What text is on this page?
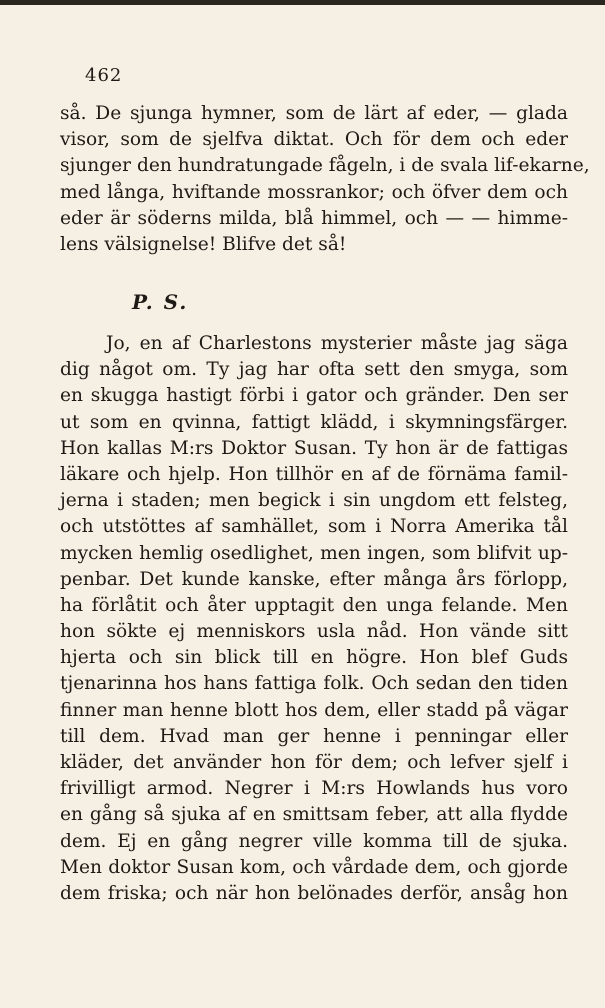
462
så. De sjunga hymner, som de lärt af eder, — glada
visor, som de sjelfva diktat. Och för dem och eder
sjunger den hundratungade fågeln, i de svala lif-ekarne,
med långa, hviftande mossrankor; och öfver dem och
eder är söderns milda, blå himmel, och — — himme-
lens välsignelse! Blifve det så!
P. S.
Jo, en af Charlestons mysterier måste jag säga
dig något om. Ty jag har ofta sett den smyga, som
en skugga hastigt förbi i gator och gränder. Den ser
ut som en qvinna, fattigt klädd, i skymningsfärger.
Hon kallas M:rs Doktor Susan. Ty hon är de fattigas
läkare och hjelp. Hon tillhör en af de förnäma famil-
jerna i staden; men begick i sin ungdom ett felsteg,
och utstöttes af samhället, som i Norra Amerika tål
mycken hemlig osedlighet, men ingen, som blifvit up-
penbar. Det kunde kanske, efter många års förlopp,
ha förlåtit och åter upptagit den unga felande. Men
hon sökte ej menniskors usla nåd. Hon vände sitt
hjerta och sin blick till en högre. Hon blef Guds
tjenarinna hos hans fattiga folk. Och sedan den tiden
finner man henne blott hos dem, eller stadd på vägar
till dem. Hvad man ger henne i penningar eller
kläder, det använder hon för dem; och lefver sjelf i
frivilligt armod. Negrer i M:rs Howlands hus voro
en gång så sjuka af en smittsam feber, att alla flydde
dem. Ej en gång negrer ville komma till de sjuka.
Men doktor Susan kom, och vårdade dem, och gjorde
dem friska; och när hon belönades derför, ansåg hon
